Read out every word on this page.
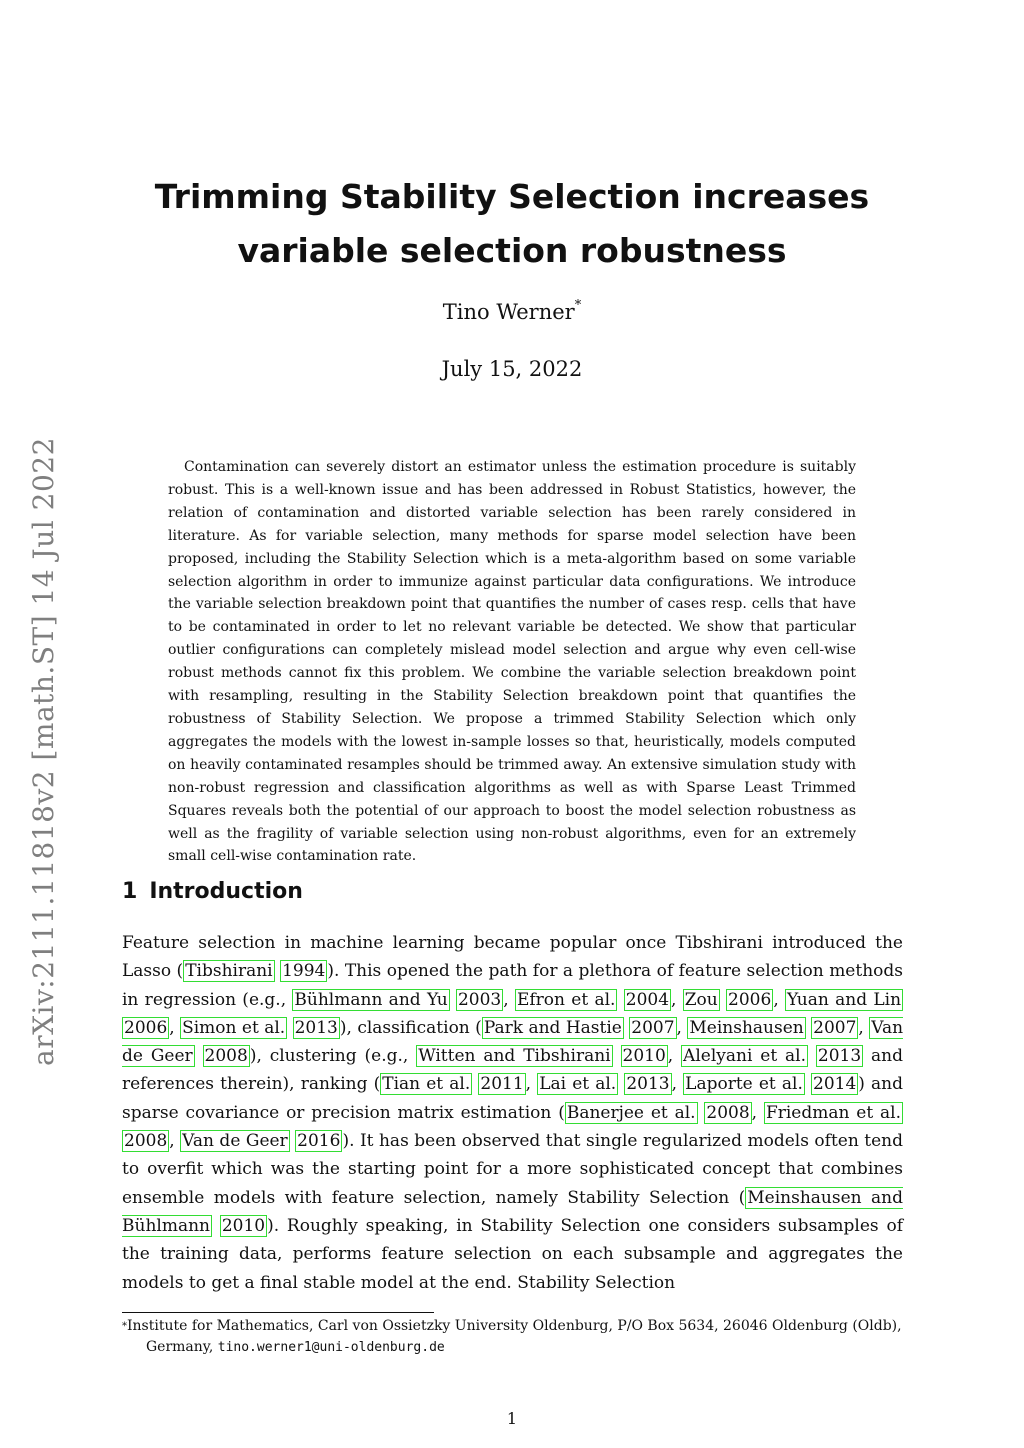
arXiv:2111.11818v2 [math.ST] 14 Jul 2022
Trimming Stability Selection increases variable selection robustness
Tino Werner*
July 15, 2022

Contamination can severely distort an estimator unless the estimation procedure is suitably robust. This is a well-known issue and has been addressed in Robust Statistics, however, the relation of contamination and distorted variable selection has been rarely considered in literature. As for variable selection, many methods for sparse model selection have been proposed, including the Stability Selection which is a meta-algorithm based on some variable selection algorithm in order to immunize against particular data configurations. We introduce the variable selection breakdown point that quantifies the number of cases resp. cells that have to be contaminated in order to let no relevant variable be detected. We show that particular outlier configurations can completely mislead model selection and argue why even cell-wise robust methods cannot fix this problem. We combine the variable selection breakdown point with resampling, resulting in the Stability Selection breakdown point that quantifies the robustness of Stability Selection. We propose a trimmed Stability Selection which only aggregates the models with the lowest in-sample losses so that, heuristically, models computed on heavily contaminated resamples should be trimmed away. An extensive simulation study with non-robust regression and classification algorithms as well as with Sparse Least Trimmed Squares reveals both the potential of our approach to boost the model selection robustness as well as the fragility of variable selection using non-robust algorithms, even for an extremely small cell-wise contamination rate.

1 Introduction

Feature selection in machine learning became popular once Tibshirani introduced the Lasso ( Tibshirani 1994 ). This opened the path for a plethora of feature selection methods in regression (e.g., Bühlmann and Yu 2003 , Efron et al. 2004 , Zou 2006 , Yuan and Lin 2006 , Simon et al. 2013 ), classification ( Park and Hastie 2007 , Meinshausen 2007 , Van de Geer 2008 ), clustering (e.g., Witten and Tibshirani 2010 , Alelyani et al. 2013 and references therein), ranking ( Tian et al. 2011 , Lai et al. 2013 , Laporte et al. 2014 ) and sparse covariance or precision matrix estimation ( Banerjee et al. 2008 , Friedman et al. 2008 , Van de Geer 2016 ). It has been observed that single regularized models often tend to overfit which was the starting point for a more sophisticated concept that combines ensemble models with feature selection, namely Stability Selection ( Meinshausen and Bühlmann 2010 ). Roughly speaking, in Stability Selection one considers subsamples of the training data, performs feature selection on each subsample and aggregates the models to get a final stable model at the end. Stability Selection

*Institute for Mathematics, Carl von Ossietzky University Oldenburg, P/O Box 5634, 26046 Oldenburg (Oldb),
Germany, tino.werner1@uni-oldenburg.de

1
